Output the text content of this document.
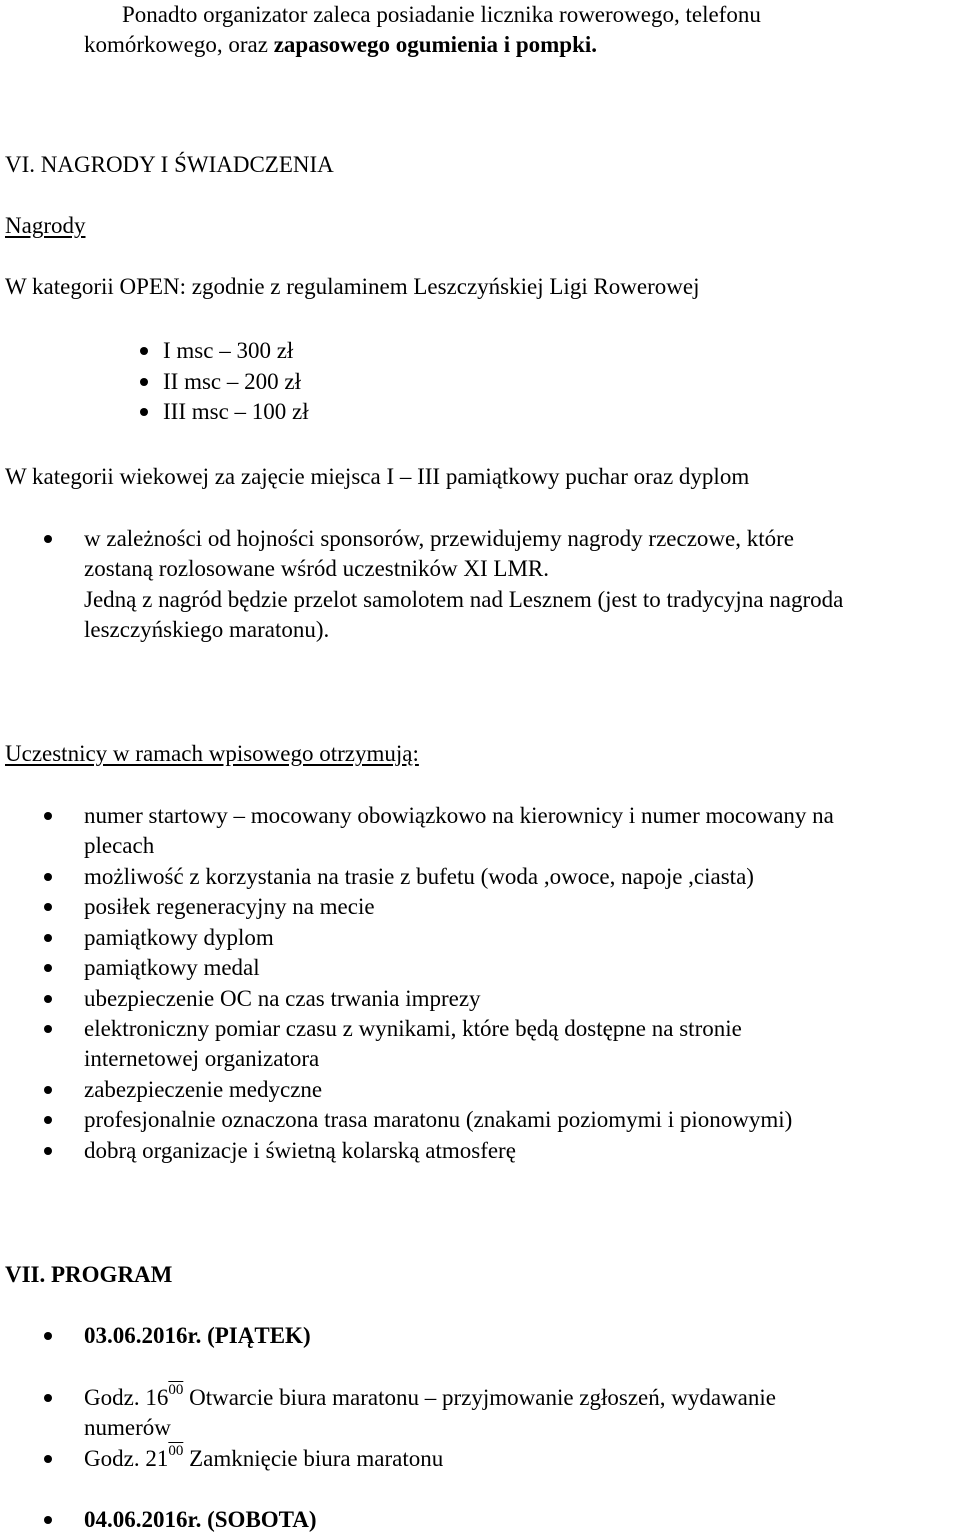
Ponadto organizator zaleca posiadanie licznika rowerowego, telefonu
komórkowego, oraz zapasowego ogumienia i pompki.
VI. NAGRODY I ŚWIADCZENIA
Nagrody
W kategorii OPEN: zgodnie z regulaminem Leszczyńskiej Ligi Rowerowej
I msc – 300 zł
II msc – 200 zł
III msc – 100 zł
W kategorii wiekowej za zajęcie miejsca I – III pamiątkowy puchar oraz dyplom
w zależności od hojności sponsorów, przewidujemy nagrody rzeczowe, które
zostaną rozlosowane wśród uczestników XI LMR.
Jedną z nagród będzie przelot samolotem nad Lesznem (jest to tradycyjna nagroda
leszczyńskiego maratonu).
Uczestnicy w ramach wpisowego otrzymują:
numer startowy – mocowany obowiązkowo na kierownicy i numer mocowany na
plecach
możliwość z korzystania na trasie z bufetu (woda ,owoce, napoje ,ciasta)
posiłek regeneracyjny na mecie
pamiątkowy dyplom
pamiątkowy medal
ubezpieczenie OC na czas trwania imprezy
elektroniczny pomiar czasu z wynikami, które będą dostępne na stronie
internetowej organizatora
zabezpieczenie medyczne
profesjonalnie oznaczona trasa maratonu (znakami poziomymi i pionowymi)
dobrą organizacje i świetną kolarską atmosferę
VII. PROGRAM
03.06.2016r. (PIĄTEK)
Godz. $16^{00}$ Otwarcie biura maratonu – przyjmowanie zgłoszeń, wydawanie
numerów
Godz. $21^{00}$ Zamknięcie biura maratonu
04.06.2016r. (SOBOTA)
